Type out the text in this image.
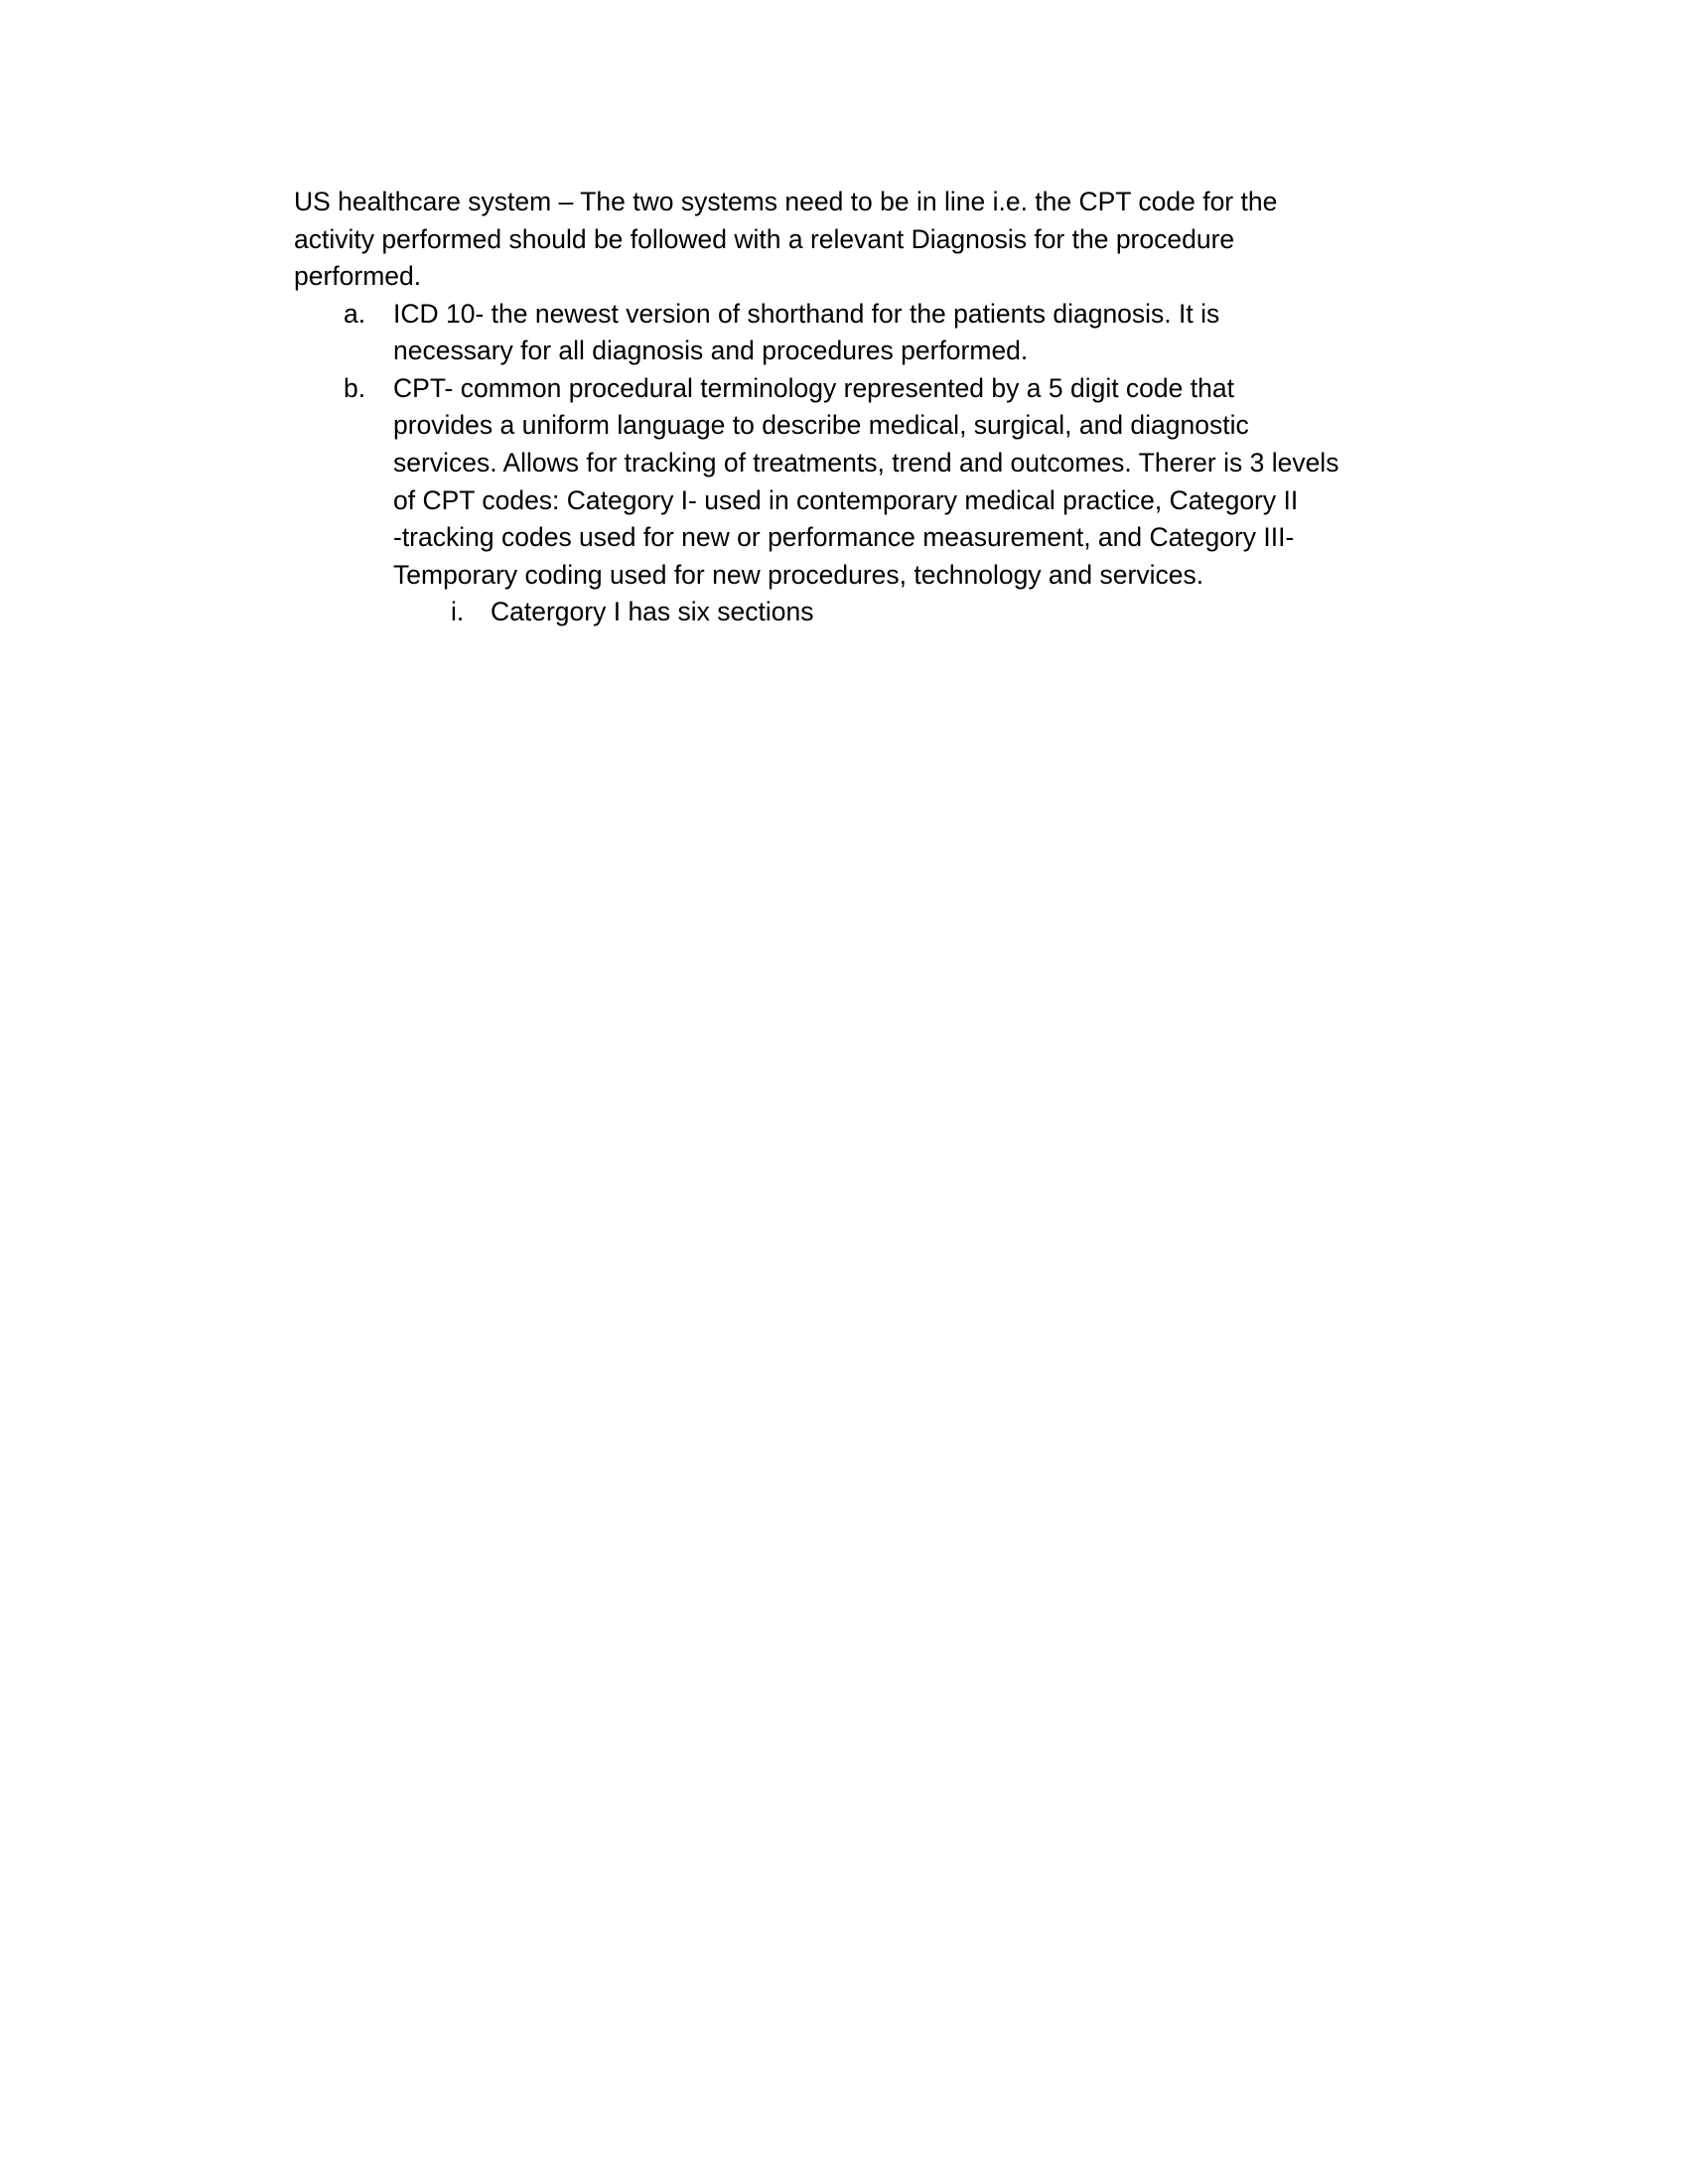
US healthcare system – The two systems need to be in line i.e. the CPT code for the
activity performed should be followed with a relevant Diagnosis for the procedure
performed.
a. ICD 10- the newest version of shorthand for the patients diagnosis. It is
necessary for all diagnosis and procedures performed.
b. CPT- common procedural terminology represented by a 5 digit code that
provides a uniform language to describe medical, surgical, and diagnostic
services. Allows for tracking of treatments, trend and outcomes. Therer is 3 levels
of CPT codes: Category I- used in contemporary medical practice, Category II
-tracking codes used for new or performance measurement, and Category III-
Temporary coding used for new procedures, technology and services.
i. Catergory I has six sections
